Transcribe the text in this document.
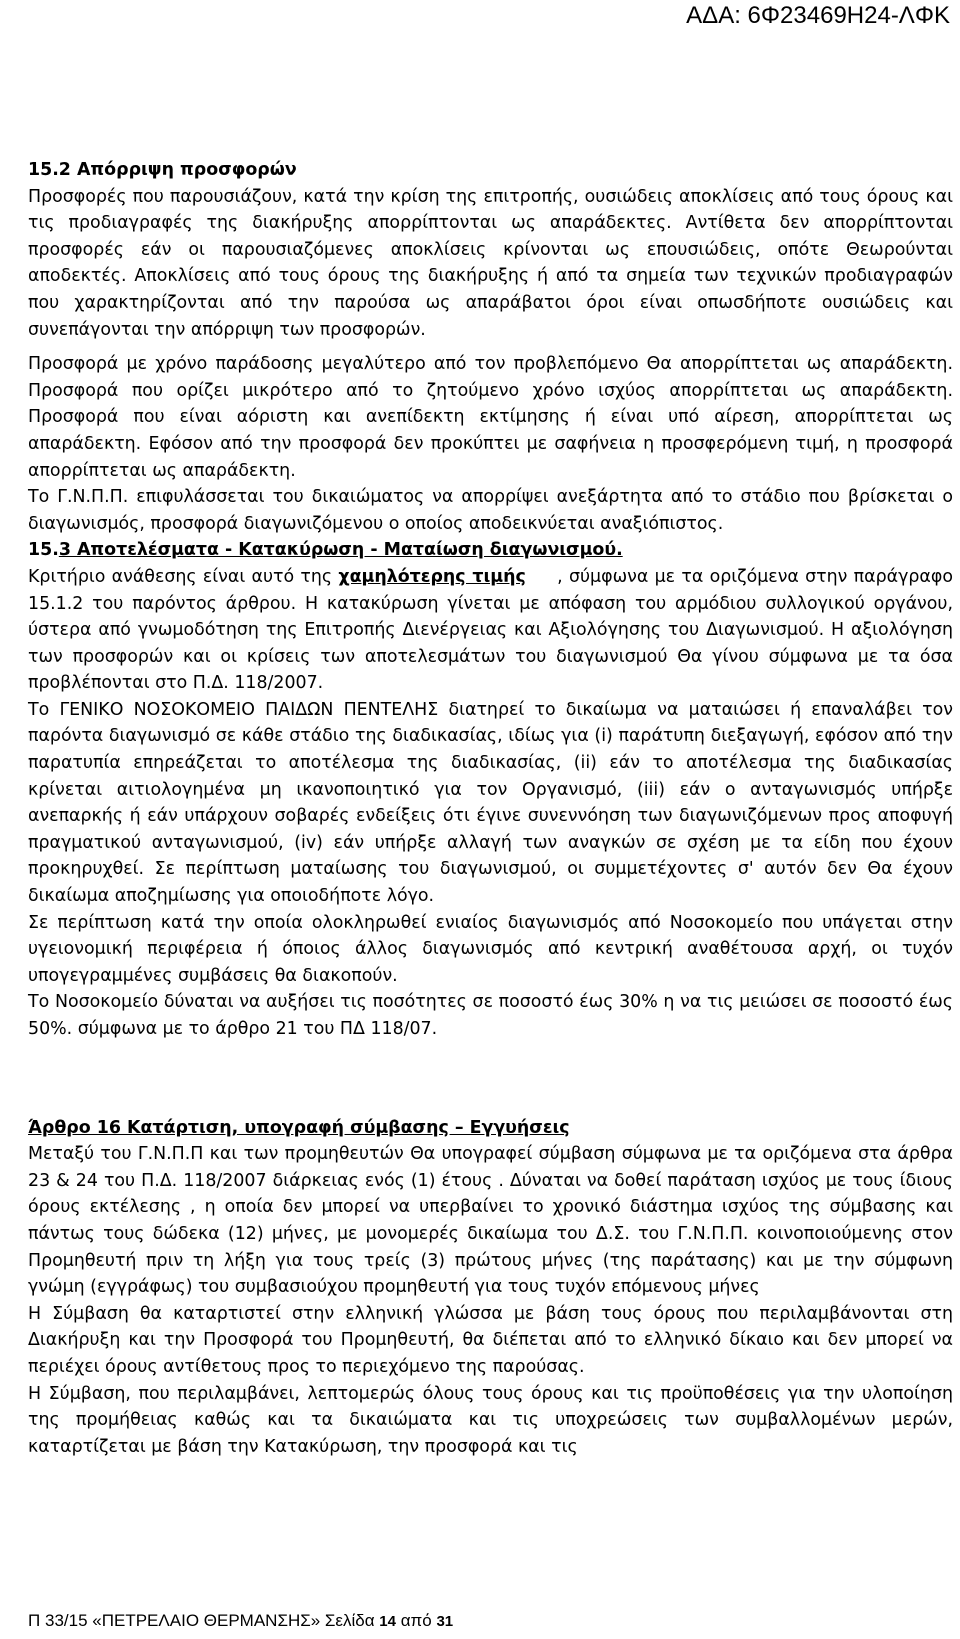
ΑΔΑ: 6Φ23469Η24-ΛΦΚ
15.2 Απόρριψη προσφορών
Προσφορές που παρουσιάζουν, κατά την κρίση της επιτροπής, ουσιώδεις αποκλίσεις από τους όρους και τις προδιαγραφές της διακήρυξης απορρίπτονται ως απαράδεκτες. Αντίθετα δεν απορρίπτονται προσφορές εάν οι παρουσιαζόμενες αποκλίσεις κρίνονται ως επουσιώδεις, οπότε Θεωρούνται αποδεκτές. Αποκλίσεις από τους όρους της διακήρυξης ή από τα σημεία των τεχνικών προδιαγραφών που χαρακτηρίζονται από την παρούσα ως απαράβατοι όροι είναι οπωσδήποτε ουσιώδεις και συνεπάγονται την απόρριψη των προσφορών.
Προσφορά με χρόνο παράδοσης μεγαλύτερο από τον προβλεπόμενο Θα απορρίπτεται ως απαράδεκτη. Προσφορά που ορίζει μικρότερο από το ζητούμενο χρόνο ισχύος απορρίπτεται ως απαράδεκτη. Προσφορά που είναι αόριστη και ανεπίδεκτη εκτίμησης ή είναι υπό αίρεση, απορρίπτεται ως απαράδεκτη. Εφόσον από την προσφορά δεν προκύπτει με σαφήνεια η προσφερόμενη τιμή, η προσφορά απορρίπτεται ως απαράδεκτη.
Το Γ.Ν.Π.Π. επιφυλάσσεται του δικαιώματος να απορρίψει ανεξάρτητα από το στάδιο που βρίσκεται ο διαγωνισμός, προσφορά διαγωνιζόμενου ο οποίος αποδεικνύεται αναξιόπιστος.
15.3 Αποτελέσματα - Κατακύρωση - Ματαίωση διαγωνισμού.
Κριτήριο ανάθεσης είναι αυτό της χαμηλότερης τιμής     , σύμφωνα με τα οριζόμενα στην παράγραφο 15.1.2 του παρόντος άρθρου. Η κατακύρωση γίνεται με απόφαση του αρμόδιου συλλογικού οργάνου, ύστερα από γνωμοδότηση της Επιτροπής Διενέργειας και Αξιολόγησης του Διαγωνισμού. Η αξιολόγηση των προσφορών και οι κρίσεις των αποτελεσμάτων του διαγωνισμού Θα γίνου σύμφωνα με τα όσα προβλέπονται στο Π.Δ. 118/2007.
Το ΓΕΝΙΚΟ ΝΟΣΟΚΟΜΕΙΟ ΠΑΙΔΩΝ ΠΕΝΤΕΛΗΣ διατηρεί το δικαίωμα να ματαιώσει ή επαναλάβει τον παρόντα διαγωνισμό σε κάθε στάδιο της διαδικασίας, ιδίως για (i) παράτυπη διεξαγωγή, εφόσον από την παρατυπία επηρεάζεται το αποτέλεσμα της διαδικασίας, (ii) εάν το αποτέλεσμα της διαδικασίας κρίνεται αιτιολογημένα μη ικανοποιητικό για τον Οργανισμό, (iii) εάν ο ανταγωνισμός υπήρξε ανεπαρκής ή εάν υπάρχουν σοβαρές ενδείξεις ότι έγινε συνεννόηση των διαγωνιζόμενων προς αποφυγή πραγματικού ανταγωνισμού, (iv) εάν υπήρξε αλλαγή των αναγκών σε σχέση με τα είδη που έχουν προκηρυχθεί. Σε περίπτωση ματαίωσης του διαγωνισμού, οι συμμετέχοντες σ' αυτόν δεν Θα έχουν δικαίωμα αποζημίωσης για οποιοδήποτε λόγο.
Σε περίπτωση κατά την οποία ολοκληρωθεί ενιαίος διαγωνισμός από Νοσοκομείο που υπάγεται στην υγειονομική περιφέρεια ή όποιος άλλος διαγωνισμός από κεντρική αναθέτουσα αρχή, οι τυχόν υπογεγραμμένες συμβάσεις θα διακοπούν.
Το Νοσοκομείο δύναται να αυξήσει τις ποσότητες σε ποσοστό έως 30% η να τις μειώσει σε ποσοστό έως 50%. σύμφωνα με το άρθρο 21 του ΠΔ 118/07.
Άρθρο 16 Κατάρτιση, υπογραφή σύμβασης – Εγγυήσεις
Μεταξύ του Γ.Ν.Π.Π και των προμηθευτών Θα υπογραφεί σύμβαση σύμφωνα με τα οριζόμενα στα άρθρα 23 & 24 του Π.Δ. 118/2007 διάρκειας ενός (1) έτους . Δύναται να δοθεί παράταση ισχύος με τους ίδιους όρους εκτέλεσης , η οποία δεν μπορεί να υπερβαίνει το χρονικό διάστημα ισχύος της σύμβασης και πάντως τους δώδεκα (12) μήνες, με μονομερές δικαίωμα του Δ.Σ. του Γ.Ν.Π.Π. κοινοποιούμενης στον Προμηθευτή πριν τη λήξη για τους τρείς (3) πρώτους μήνες (της παράτασης) και με την σύμφωνη γνώμη (εγγράφως) του συμβασιούχου προμηθευτή για τους τυχόν επόμενους μήνες
Η Σύμβαση θα καταρτιστεί στην ελληνική γλώσσα με βάση τους όρους που περιλαμβάνονται στη Διακήρυξη και την Προσφορά του Προμηθευτή, θα διέπεται από το ελληνικό δίκαιο και δεν μπορεί να περιέχει όρους αντίθετους προς το περιεχόμενο της παρούσας.
Η Σύμβαση, που περιλαμβάνει, λεπτομερώς όλους τους όρους και τις προϋποθέσεις για την υλοποίηση της προμήθειας καθώς και τα δικαιώματα και τις υποχρεώσεις των συμβαλλομένων μερών, καταρτίζεται με βάση την Κατακύρωση, την προσφορά και τις
Π 33/15 «ΠΕΤΡΕΛΑΙΟ ΘΕΡΜΑΝΣΗΣ» Σελίδα 14 από 31
